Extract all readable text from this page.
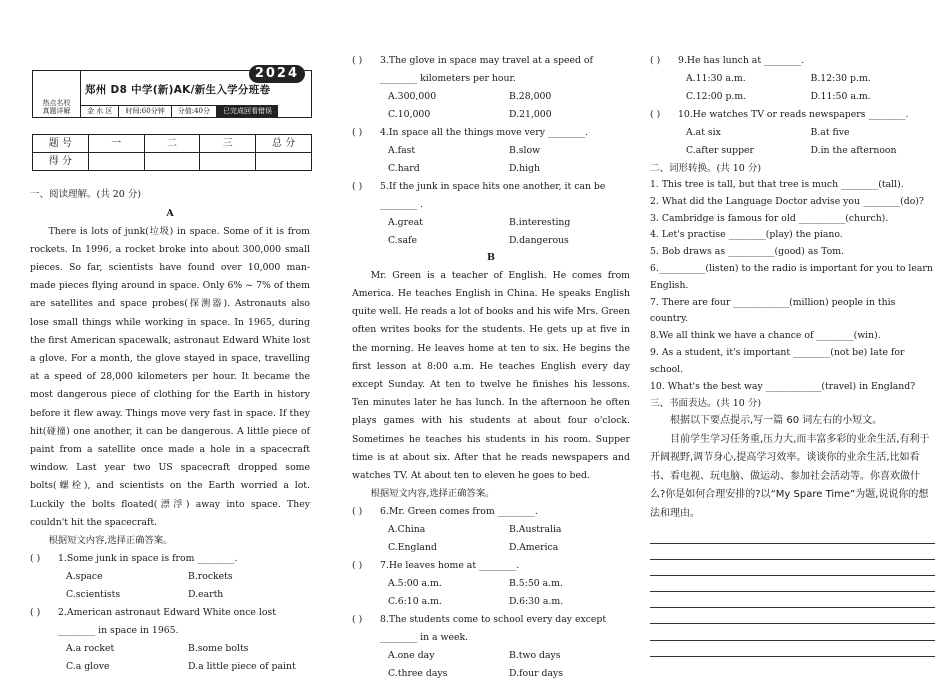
热点名校
真题详解
郑州 D8 中学(新)AK/新生入学分班卷
2024
金 水 区	时间:60分钟	分值:40分	已完成回看错误
题 号	一	二	三	总 分
得 分				
一、阅读理解。(共 20 分)
A

There is lots of junk(垃圾) in space. Some of it is from rockets. In 1996, a rocket broke into about 300,000 small pieces. So far, scientists have found over 10,000 man-made pieces flying around in space. Only 6% ~ 7% of them are satellites and space probes(探测器). Astronauts also lose small things while working in space. In 1965, during the first American spacewalk, astronaut Edward White lost a glove. For a month, the glove stayed in space, travelling at a speed of 28,000 kilometers per hour. It became the most dangerous piece of clothing for the Earth in history before it flew away. Things move very fast in space. If they hit(碰撞) one another, it can be dangerous. A little piece of paint from a satellite once made a hole in a spacecraft window. Last year two US spacecraft dropped some bolts(螺栓), and scientists on the Earth worried a lot. Luckily the bolts floated(漂浮) away into space. They couldn't hit the spacecraft.

根据短文内容,选择正确答案。
( ) 1.Some junk in space is from ________.
A.space	B.rockets
C.scientists	D.earth
( ) 2.American astronaut Edward White once lost ________ in space in 1965.
A.a rocket	B.some bolts
C.a glove	D.a little piece of paint
( ) 3.The glove in space may travel at a speed of ________ kilometers per hour.
A.300,000	B.28,000
C.10,000	D.21,000
( ) 4.In space all the things move very ________.
A.fast	B.slow
C.hard	D.high
( ) 5.If the junk in space hits one another, it can be ________ .
A.great	B.interesting
C.safe	D.dangerous
B

Mr. Green is a teacher of English. He comes from America. He teaches English in China. He speaks English quite well. He reads a lot of books and his wife Mrs. Green often writes books for the students. He gets up at five in the morning. He leaves home at ten to six. He begins the first lesson at 8:00 a.m. He teaches English every day except Sunday. At ten to twelve he finishes his lessons. Ten minutes later he has lunch. In the afternoon he often plays games with his students at about four o'clock. Sometimes he teaches his students in his room. Supper time is at about six. After that he reads newspapers and watches TV. At about ten to eleven he goes to bed.

根据短文内容,选择正确答案。
( ) 6.Mr. Green comes from ________.
A.China	B.Australia
C.England	D.America
( ) 7.He leaves home at ________.
A.5:00 a.m.	B.5:50 a.m.
C.6:10 a.m.	D.6:30 a.m.
( ) 8.The students come to school every day except ________ in a week.
A.one day	B.two days
C.three days	D.four days
( ) 9.He has lunch at ________.
A.11:30 a.m.	B.12:30 p.m.
C.12:00 p.m.	D.11:50 a.m.
( ) 10.He watches TV or reads newspapers ________.
A.at six	B.at five
C.after supper	D.in the afternoon
二、词形转换。(共 10 分)
1. This tree is tall, but that tree is much ________(tall).
2. What did the Language Doctor advise you ________(do)?
3. Cambridge is famous for old __________(church).
4. Let's practise ________(play) the piano.
5. Bob draws as __________(good) as Tom.
6.__________(listen) to the radio is important for you to learn English.
7. There are four ____________(million) people in this country.
8.We all think we have a chance of ________(win).
9. As a student, it's important ________(not be) late for school.
10. What's the best way ____________(travel) in England?
三、书面表达。(共 10 分)
根据以下要点提示,写一篇 60 词左右的小短文。
目前学生学习任务重,压力大,而丰富多彩的业余生活,有利于开阔视野,调节身心,提高学习效率。谈谈你的业余生活,比如看书、看电视、玩电脑、做运动、参加社会活动等。你喜欢做什么?你是如何合理安排的?以“My Spare Time”为题,说说你的想法和理由。
